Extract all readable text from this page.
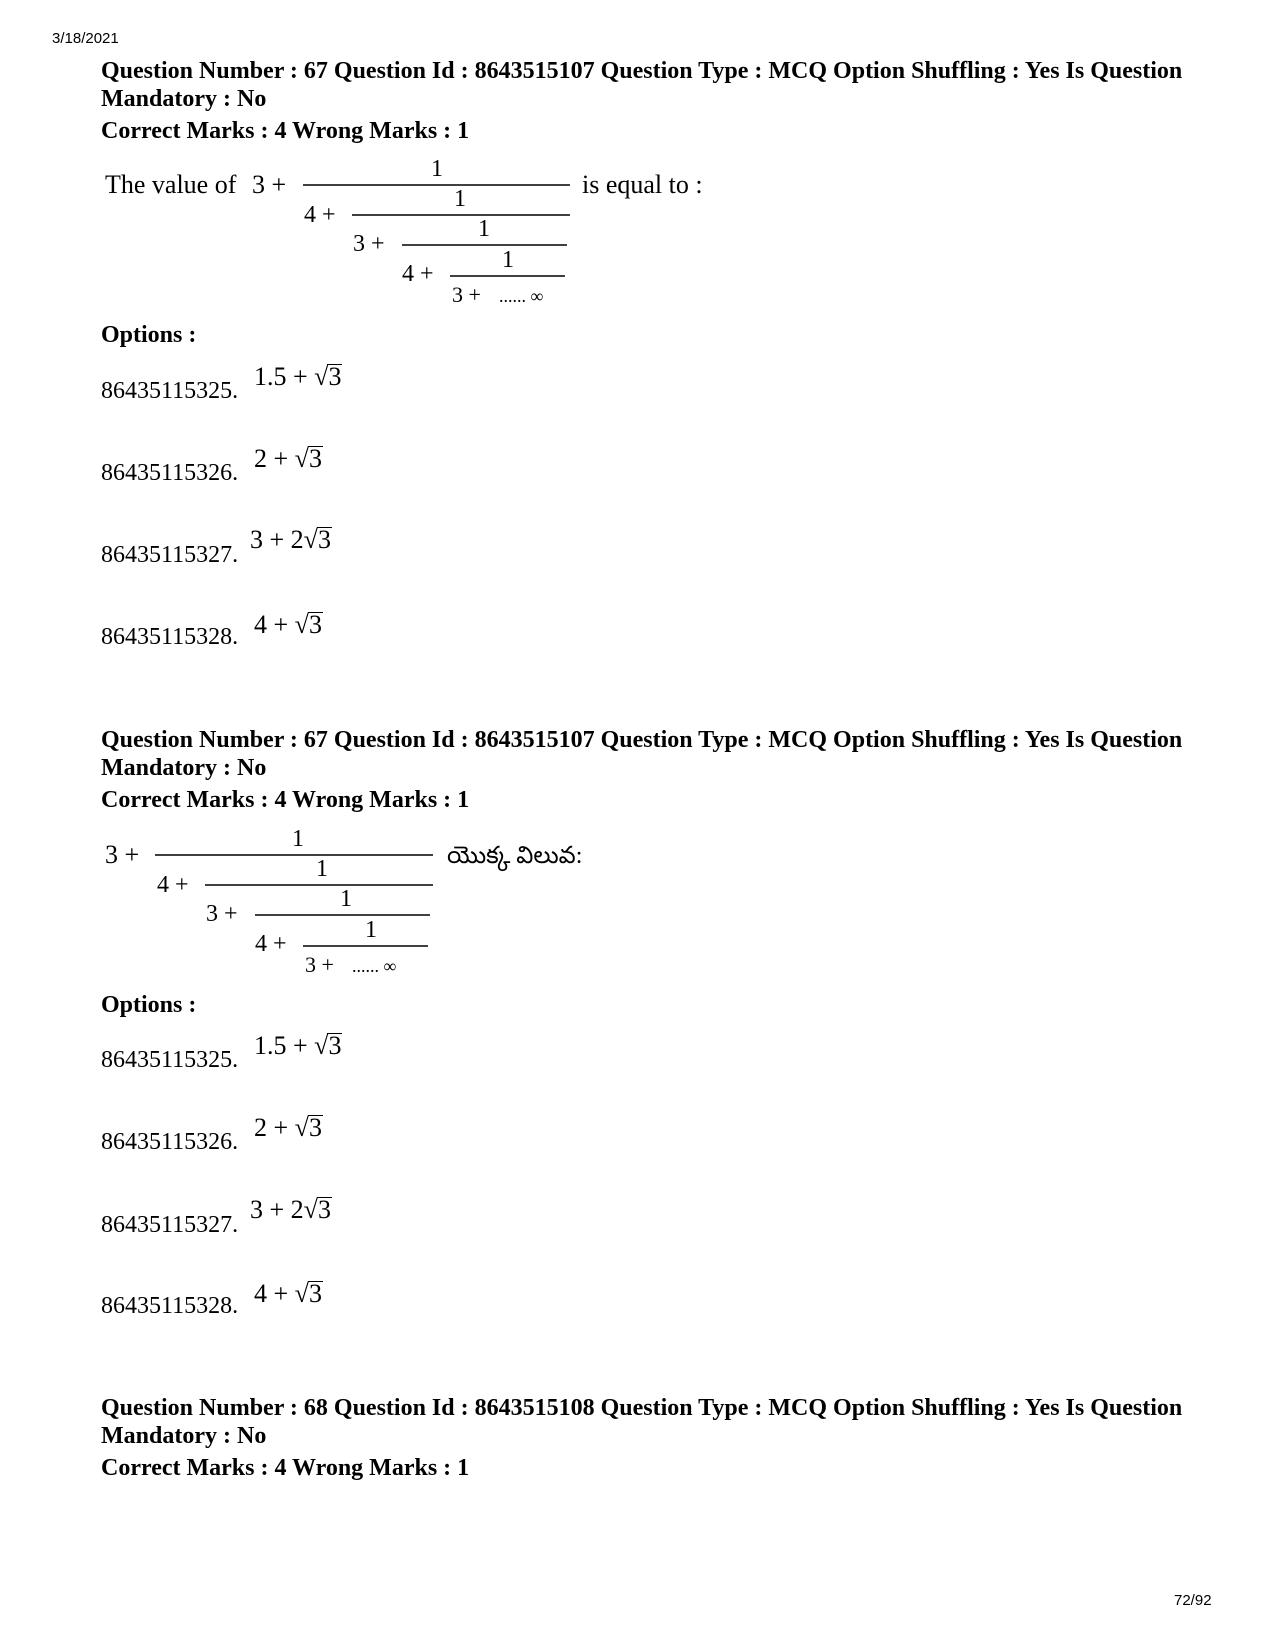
3/18/2021
72/92
Question Number : 67 Question Id : 8643515107 Question Type : MCQ Option Shuffling : Yes Is Question Mandatory : No
Correct Marks : 4 Wrong Marks : 1
The value of 3 +
1
is equal to :
4 +
1
3 +
1
4 +
1
3 + ...... ∞
Options :
86435115325. 1.5 + √
3
86435115326. 2 + √
3
86435115327.
3 + 2√
3
86435115328. 4 + √
3
Question Number : 67 Question Id : 8643515107 Question Type : MCQ Option Shuffling : Yes Is Question Mandatory : No
Correct Marks : 4 Wrong Marks : 1
3 +
1
యొక్క విలువ:
4 +
1
3 +
1
4 +
1
3 + ...... ∞
Options :
86435115325. 1.5 + √
3
86435115326. 2 + √
3
86435115327.
3 + 2√
3
86435115328. 4 + √
3
Question Number : 68 Question Id : 8643515108 Question Type : MCQ Option Shuffling : Yes Is Question Mandatory : No
Correct Marks : 4 Wrong Marks : 1
